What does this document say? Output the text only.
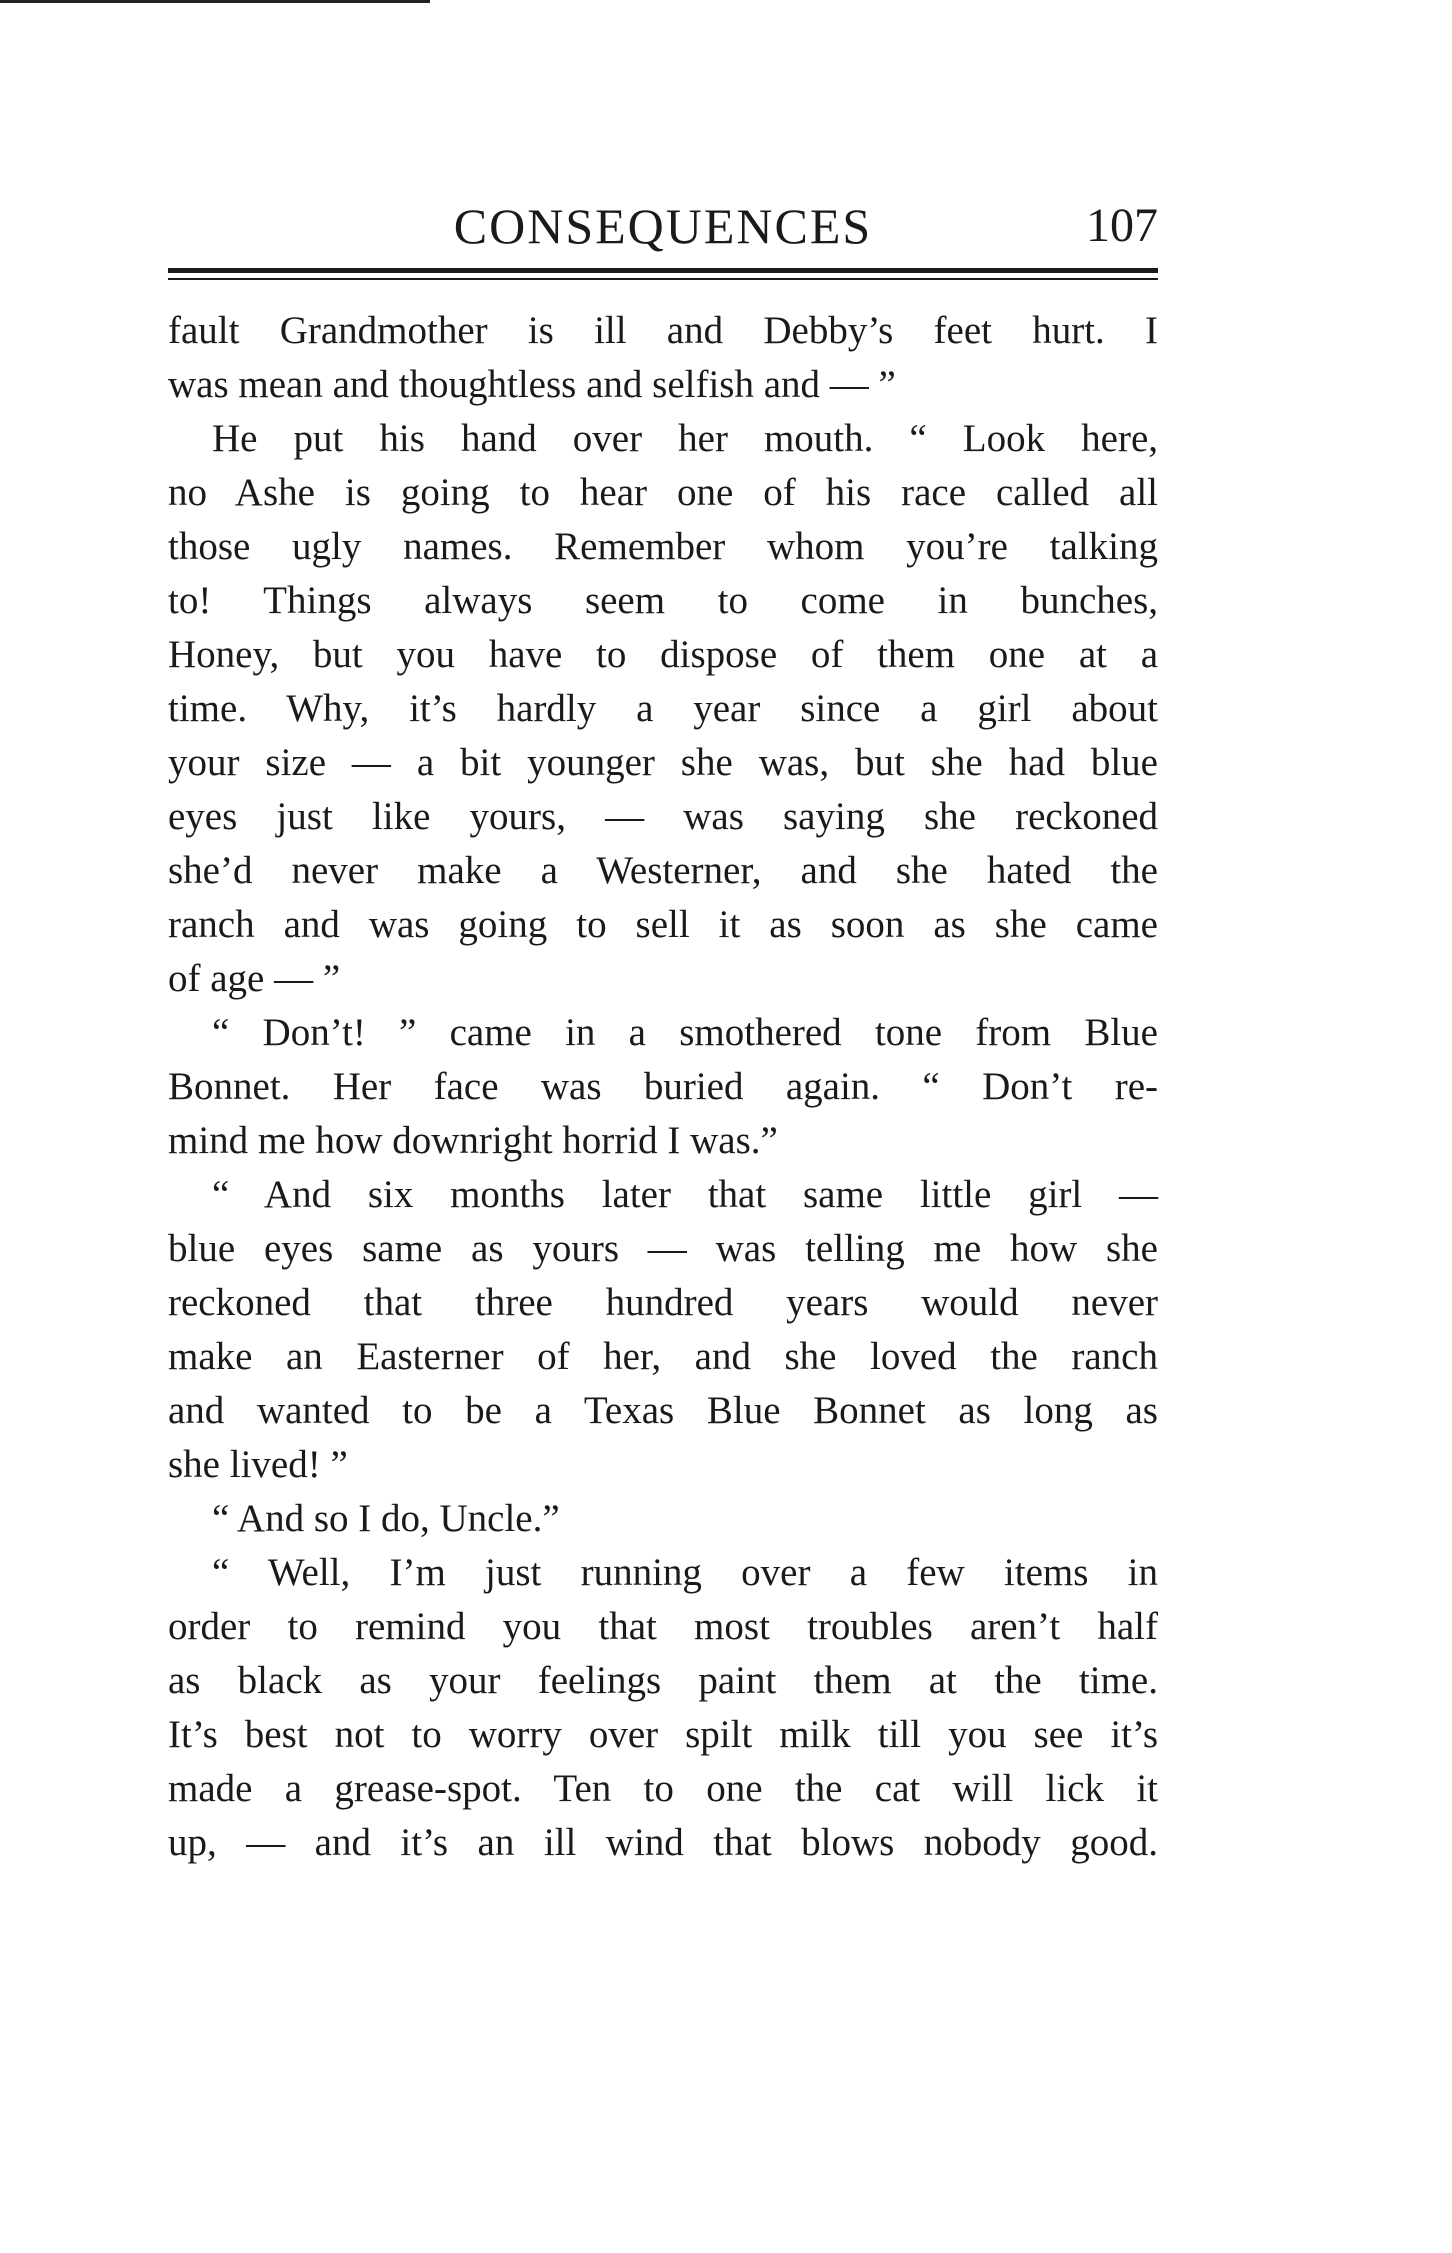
CONSEQUENCES	107
fault Grandmother is ill and Debby’s feet hurt. I
was mean and thoughtless and selfish and — ”
He put his hand over her mouth. “ Look here,
no Ashe is going to hear one of his race called all
those ugly names. Remember whom you’re talking
to! Things always seem to come in bunches,
Honey, but you have to dispose of them one at a
time. Why, it’s hardly a year since a girl about
your size — a bit younger she was, but she had blue
eyes just like yours, — was saying she reckoned
she’d never make a Westerner, and she hated the
ranch and was going to sell it as soon as she came
of age — ”
“ Don’t! ” came in a smothered tone from Blue
Bonnet. Her face was buried again. “ Don’t re-
mind me how downright horrid I was.”
“ And six months later that same little girl —
blue eyes same as yours — was telling me how she
reckoned that three hundred years would never
make an Easterner of her, and she loved the ranch
and wanted to be a Texas Blue Bonnet as long as
she lived! ”
“ And so I do, Uncle.”
“ Well, I’m just running over a few items in
order to remind you that most troubles aren’t half
as black as your feelings paint them at the time.
It’s best not to worry over spilt milk till you see it’s
made a grease-spot. Ten to one the cat will lick it
up, — and it’s an ill wind that blows nobody good.
